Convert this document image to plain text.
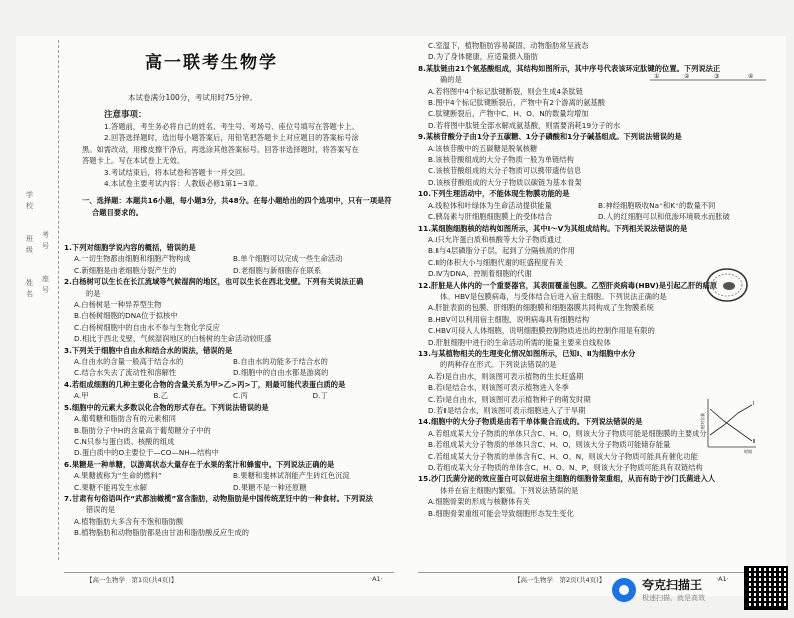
学校
班级
姓名
考号
座号
高一联考生物学
本试卷满分100分，考试用时75分钟。
注意事项：

1.答题前，考生务必将自己的姓名、考生号、考场号、座位号填写在答题卡上。

2.回答选择题时，选出每小题答案后，用铅笔把答题卡上对应题目的答案标号涂

黑。如需改动，用橡皮擦干净后，再选涂其他答案标号。回答非选择题时，将答案写在

答题卡上。写在本试卷上无效。

3.考试结束后，将本试卷和答题卡一并交回。

4.本试卷主要考试内容：人教版必修1第1~3章。

一、选择题：本题共16小题，每小题3分，共48分。在每小题给出的四个选项中，只有一项是符

合题目要求的。

1.下列对细胞学说内容的概括，错误的是

A.一切生物都由细胞和细胞产物构成	B.单个细胞可以完成一些生命活动
C.新细胞是由老细胞分裂产生的	D.老细胞与新细胞存在联系

2.白杨树可以生长在长江流域等气候湿润的地区，也可以生长在西北戈壁。下列有关说法正确

的是

A.白杨树是一种异养型生物

B.白杨树细胞的DNA位于拟核中

C.白杨树细胞中的自由水不参与生物化学反应

D.相比于西北戈壁，气候湿润地区的白杨树的生命活动较旺盛

3.下列关于细胞中自由水和结合水的说法，错误的是

A.自由水的含量一般高于结合水的	B.自由水的功能多于结合水的
C.结合水失去了流动性和溶解性	D.细胞中的自由水都是游离的

4.若组成细胞的几种主要化合物的含量关系为甲>乙>丙>丁，则最可能代表蛋白质的是

A.甲	B.乙	C.丙	D.丁

5.细胞中的元素大多数以化合物的形式存在。下列说法错误的是

A.葡萄糖和脂肪含有的元素相同

B.脂肪分子中H的含量高于葡萄糖分子中的

C.N只参与蛋白质、核酸的组成

D.蛋白质中的O主要位于—CO—NH—结构中

6.果糖是一种单糖，以游离状态大量存在于水果的浆汁和蜂蜜中。下列说法正确的是

A.果糖被称为“生命的燃料”	B.果糖和斐林试剂能产生砖红色沉淀
C.果糖不能再发生水解	D.果糖不是一种还原糖

7.甘肃有句俗语叫作“武都油橄榄”富含脂肪，动物脂肪是中国传统烹饪中的一种食材。下列说法

错误的是

A.植物脂肪大多含有不饱和脂肪酸

B.植物脂肪和动物脂肪都是由甘油和脂肪酸反应生成的

C.室温下，植物脂肪容易凝固，动物脂肪常呈液态

D.为了身体健康，应适量摄入脂肪

8.某肽链由21个氨基酸组成，其结构如图所示，其中序号代表该环定肽键的位置。下列说法正

确的是

A.若将图中4个标记肽键断裂，则会生成4条肽链

B.图中4个标记肽键断裂后，产物中有2个游离的氨基酸

C.肽键断裂后，产物中C、H、O、N的数量均增加

D.若将图中肽链全部水解成氨基酸，则需要消耗19分子的水

9.某核苷酸分子由1分子五碳糖、1分子磷酸和1分子碱基组成。下列说法错误的是

A.该核苷酸中的五碳糖是脱氧核糖

B.该核苷酸组成的大分子物质一般为单链结构

C.该核苷酸组成的大分子物质可以携带遗传信息

D.该核苷酸组成的大分子物质以碳链为基本骨架

10.下列生理活动中，不能体现生物膜功能的是

A.线粒体和叶绿体为生命活动提供能量	B.神经细胞吸收Na⁺和K⁺的数量不同
C.胰岛素与肝细胞细胞膜上的受体结合	D.人的红细胞可以和低渗环境吸水而胀破

11.某细胞细胞核的结构如图所示，其中Ⅰ～Ⅴ为其组成结构。下列相关说法错误的是

A.Ⅰ只允许蛋白质和核酸等大分子物质通过

B.Ⅱ与4层磷脂分子层，起到了分隔核质的作用

C.Ⅱ的体积大小与细胞代谢的旺盛程度有关

D.Ⅳ为DNA，控制着细胞的代谢

12.肝脏是人体内的一个重要器官，其表面覆盖包膜。乙型肝炎病毒(HBV)是引起乙肝的病原

体。HBV是包膜病毒，与受体结合后进入宿主细胞。下列说法正确的是

A.肝脏表面的包膜、肝细胞的细胞膜和细胞器膜共同构成了生物膜系统

B.HBV可以利用宿主细胞，说明病毒具有细胞结构

C.HBV可侵入人体细胞，说明细胞膜控制物质进出的控制作用是有限的

D.肝脏细胞中进行的生命活动所需的能量主要来自线粒体

13.与某植物相关的生理变化情况如图所示，已知Ⅰ、Ⅱ为细胞中水分

的两种存在形式。下列说法错误的是

A.若Ⅰ是自由水，则该图可表示植物的生长旺盛期

B.若Ⅰ是结合水，则该图可表示植物进入冬季

C.若Ⅰ是自由水，则该图可表示植物种子的萌发时期

D.若Ⅱ是结合水，则该图可表示细胞进入了干旱期

14.细胞中的大分子物质是由若干单体聚合而成的。下列说法错误的是

A.若组成某大分子物质的单体只含C、H、O，则该大分子物质可能是细胞膜的主要成分

B.若组成某大分子物质的单体只含C、H、O，则该大分子物质可能储存能量

C.若组成某大分子物质的单体含有C、H、O、N，则该大分子物质可能具有催化功能

D.若组成某大分子物质的单体含C、H、O、N、P，则该大分子物质可能具有双链结构

15.沙门氏菌分泌的效应蛋白可以促进宿主细胞的细胞骨架重组，从而有助于沙门氏菌进入人

体并在宿主细胞内繁殖。下列说法错误的是

A.细胞骨架的形成与核糖体有关

B.细胞骨架重组可能会导致细胞形态发生变化

①	②	③	④
Ⅰ
Ⅱ
相对含量
时间
【高一生物学　第1页(共4页)】	·A1·	【高一生物学　第2页(共4页)】	·A1·
夸克扫描王
极速扫描，就是高效
